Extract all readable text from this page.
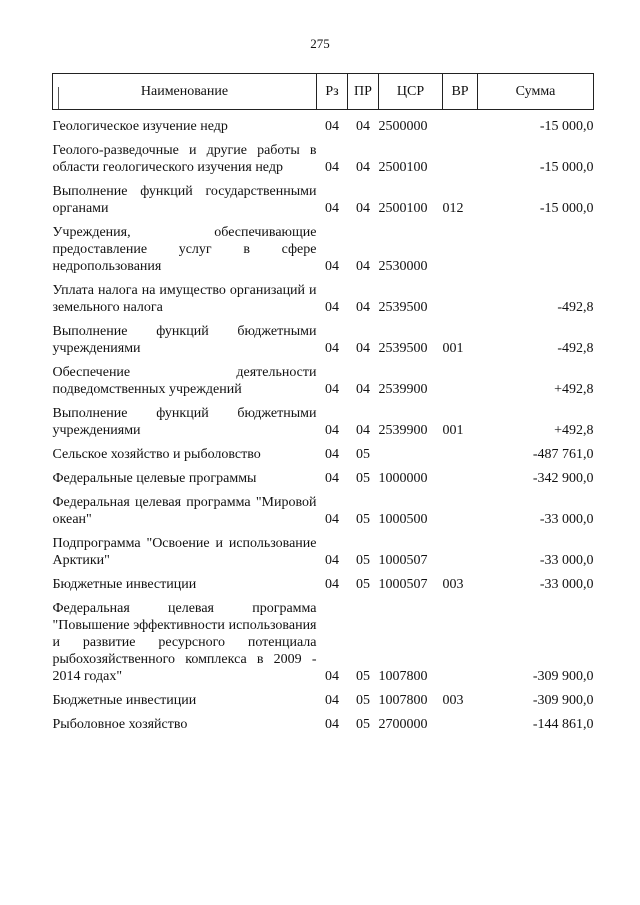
275
Наименование	Рз	ПР	ЦСР	ВР	Сумма
Геологическое изучение недр	04	04	2500000		-15 000,0
Геолого-разведочные и другие работы в области геологического изучения недр	04	04	2500100		-15 000,0
Выполнение функций государственными органами	04	04	2500100	012	-15 000,0
Учреждения, обеспечивающие предоставление услуг в сфере недропользования	04	04	2530000		
Уплата налога на имущество организаций и земельного налога	04	04	2539500		-492,8
Выполнение функций бюджетными учреждениями	04	04	2539500	001	-492,8
Обеспечение деятельности подведомственных учреждений	04	04	2539900		+492,8
Выполнение функций бюджетными учреждениями	04	04	2539900	001	+492,8
Сельское хозяйство и рыболовство	04	05			-487 761,0
Федеральные целевые программы	04	05	1000000		-342 900,0
Федеральная целевая программа "Мировой океан"	04	05	1000500		-33 000,0
Подпрограмма "Освоение и использование Арктики"	04	05	1000507		-33 000,0
Бюджетные инвестиции	04	05	1000507	003	-33 000,0
Федеральная целевая программа "Повышение эффективности использования и развитие ресурсного потенциала рыбохозяйственного комплекса в 2009 - 2014 годах"	04	05	1007800		-309 900,0
Бюджетные инвестиции	04	05	1007800	003	-309 900,0
Рыболовное хозяйство	04	05	2700000		-144 861,0
